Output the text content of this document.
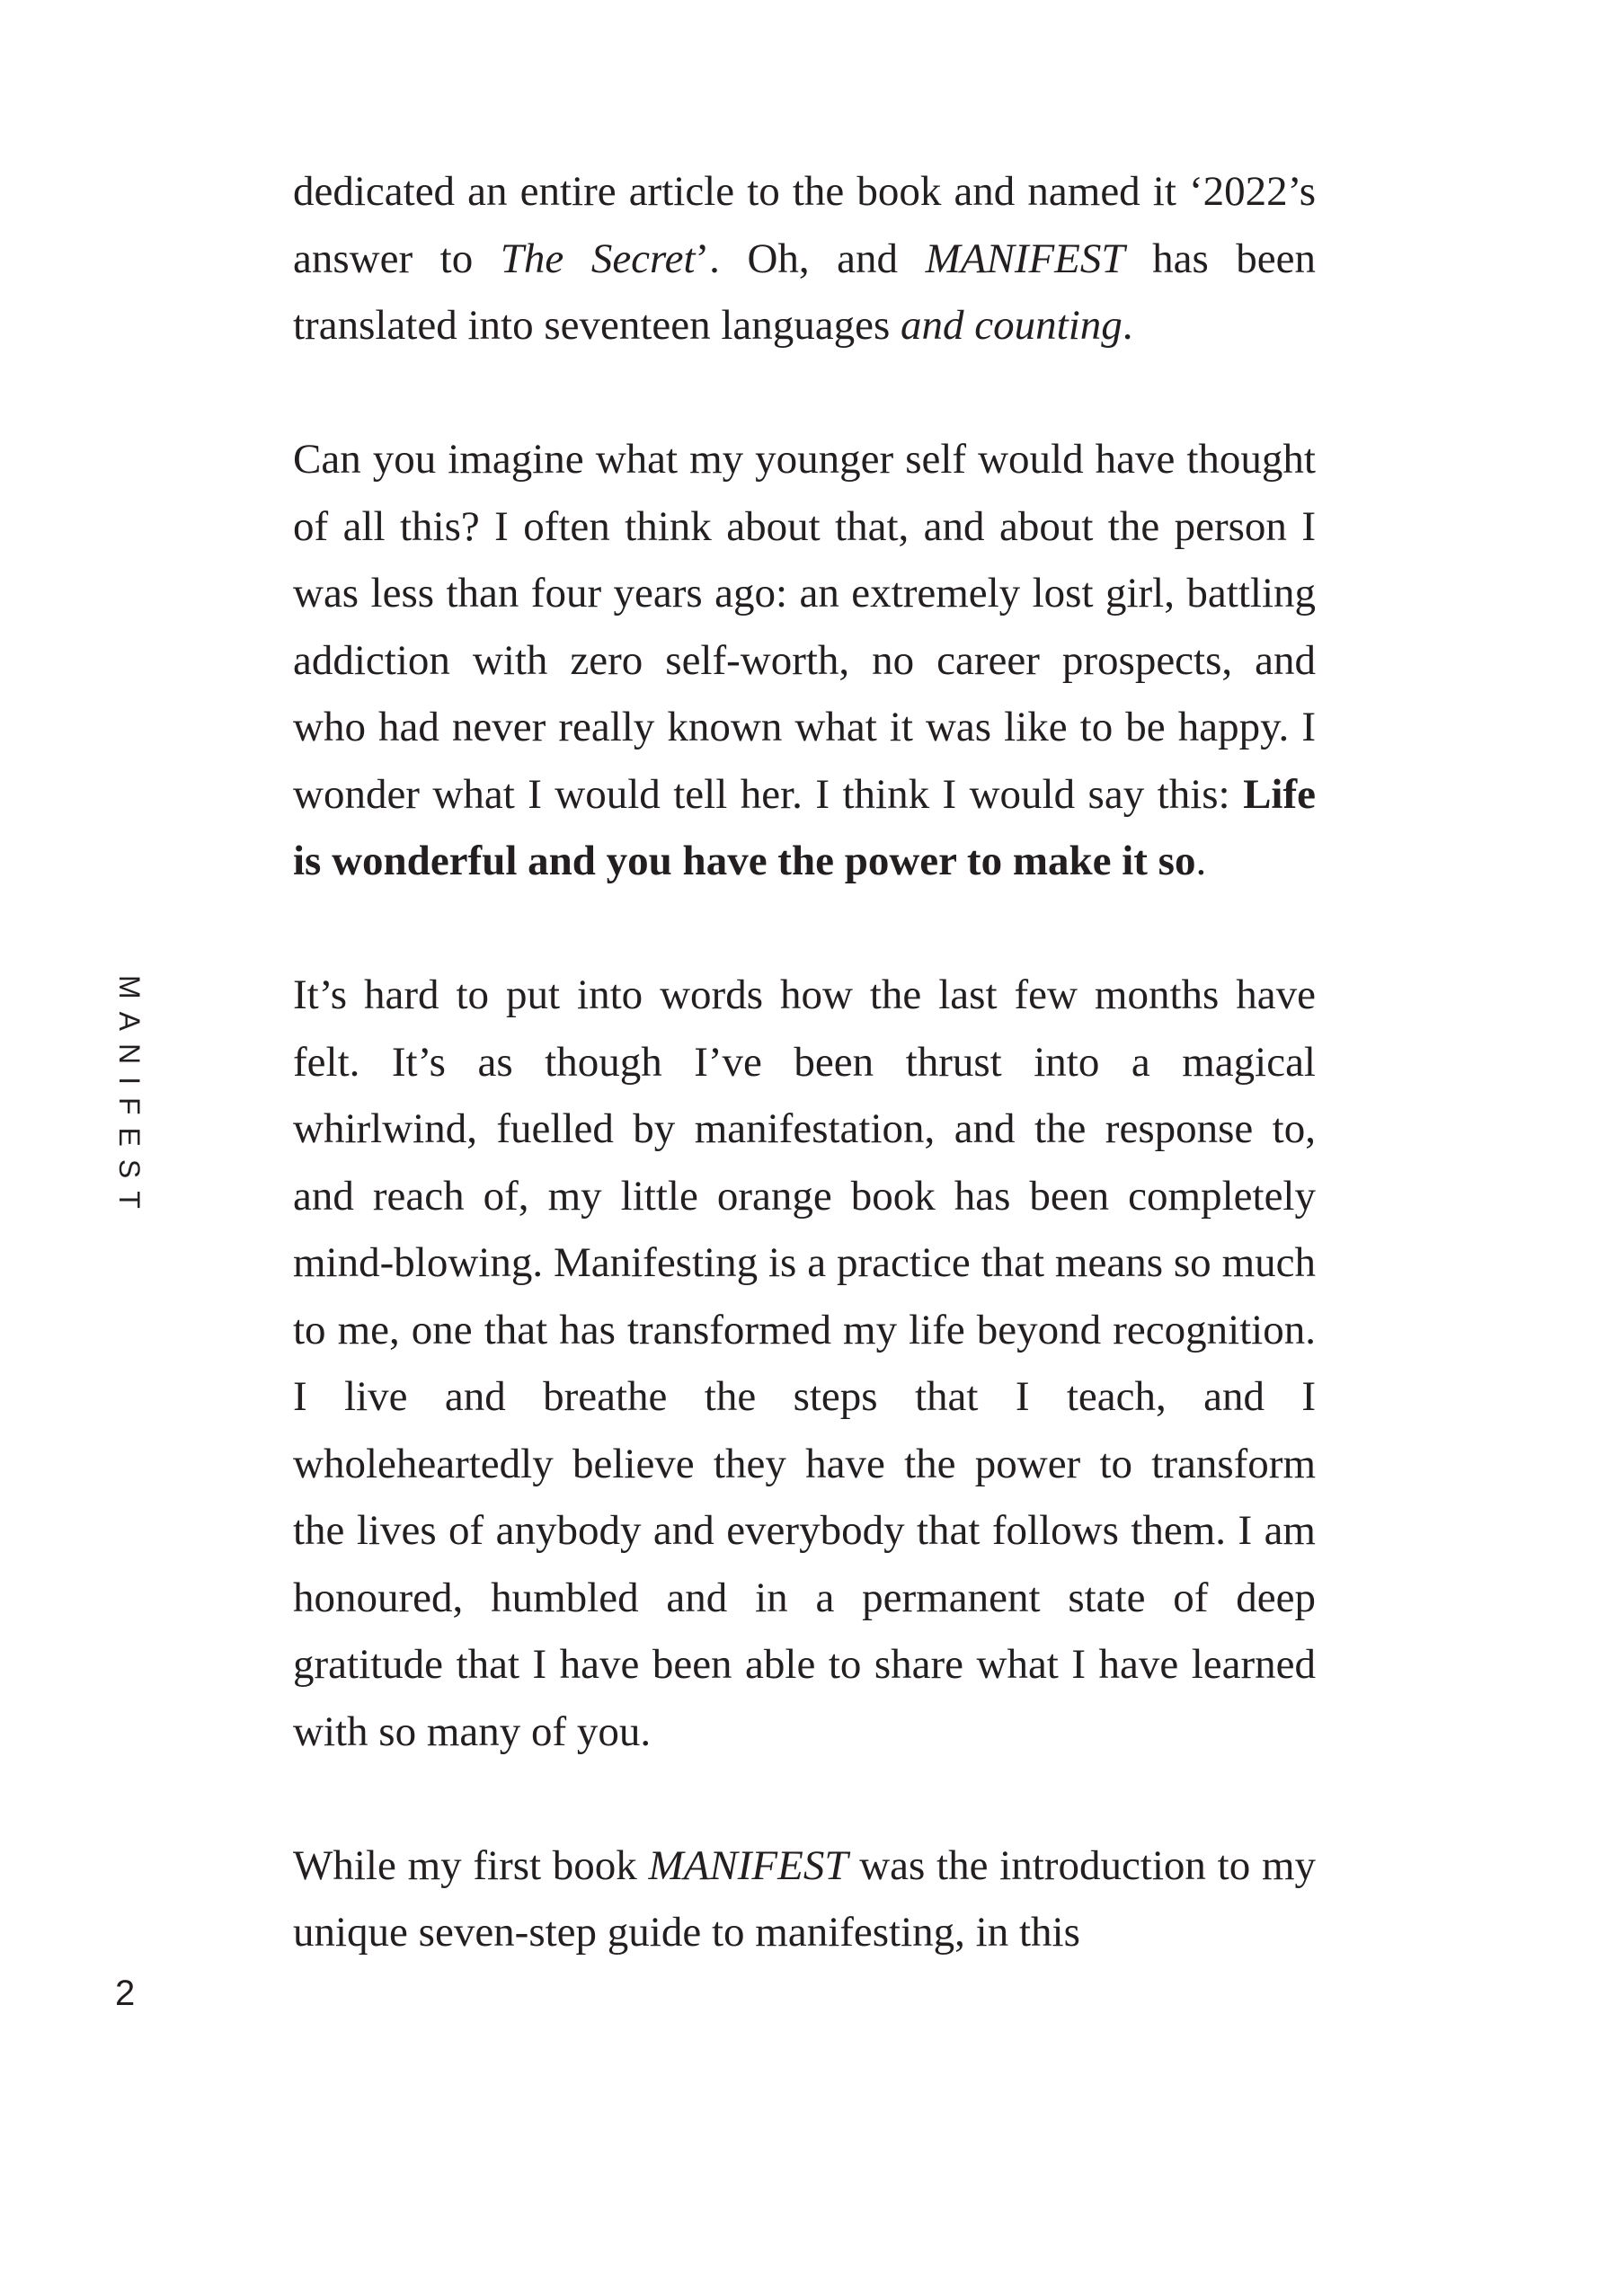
MANIFEST
2

dedicated an entire article to the book and named it ‘2022’s answer to The Secret’. Oh, and MANIFEST has been translated into seventeen languages and counting.

Can you imagine what my younger self would have thought of all this? I often think about that, and about the person I was less than four years ago: an extremely lost girl, battling addiction with zero self-worth, no career prospects, and who had never really known what it was like to be happy. I wonder what I would tell her. I think I would say this: Life is wonderful and you have the power to make it so.

It’s hard to put into words how the last few months have felt. It’s as though I’ve been thrust into a magical whirlwind, fuelled by manifestation, and the response to, and reach of, my little orange book has been completely mind-blowing. Manifesting is a practice that means so much to me, one that has transformed my life beyond recognition. I live and breathe the steps that I teach, and I wholeheartedly believe they have the power to transform the lives of anybody and everybody that follows them. I am honoured, humbled and in a permanent state of deep gratitude that I have been able to share what I have learned with so many of you.

While my first book MANIFEST was the introduction to my unique seven-step guide to manifesting, in this
